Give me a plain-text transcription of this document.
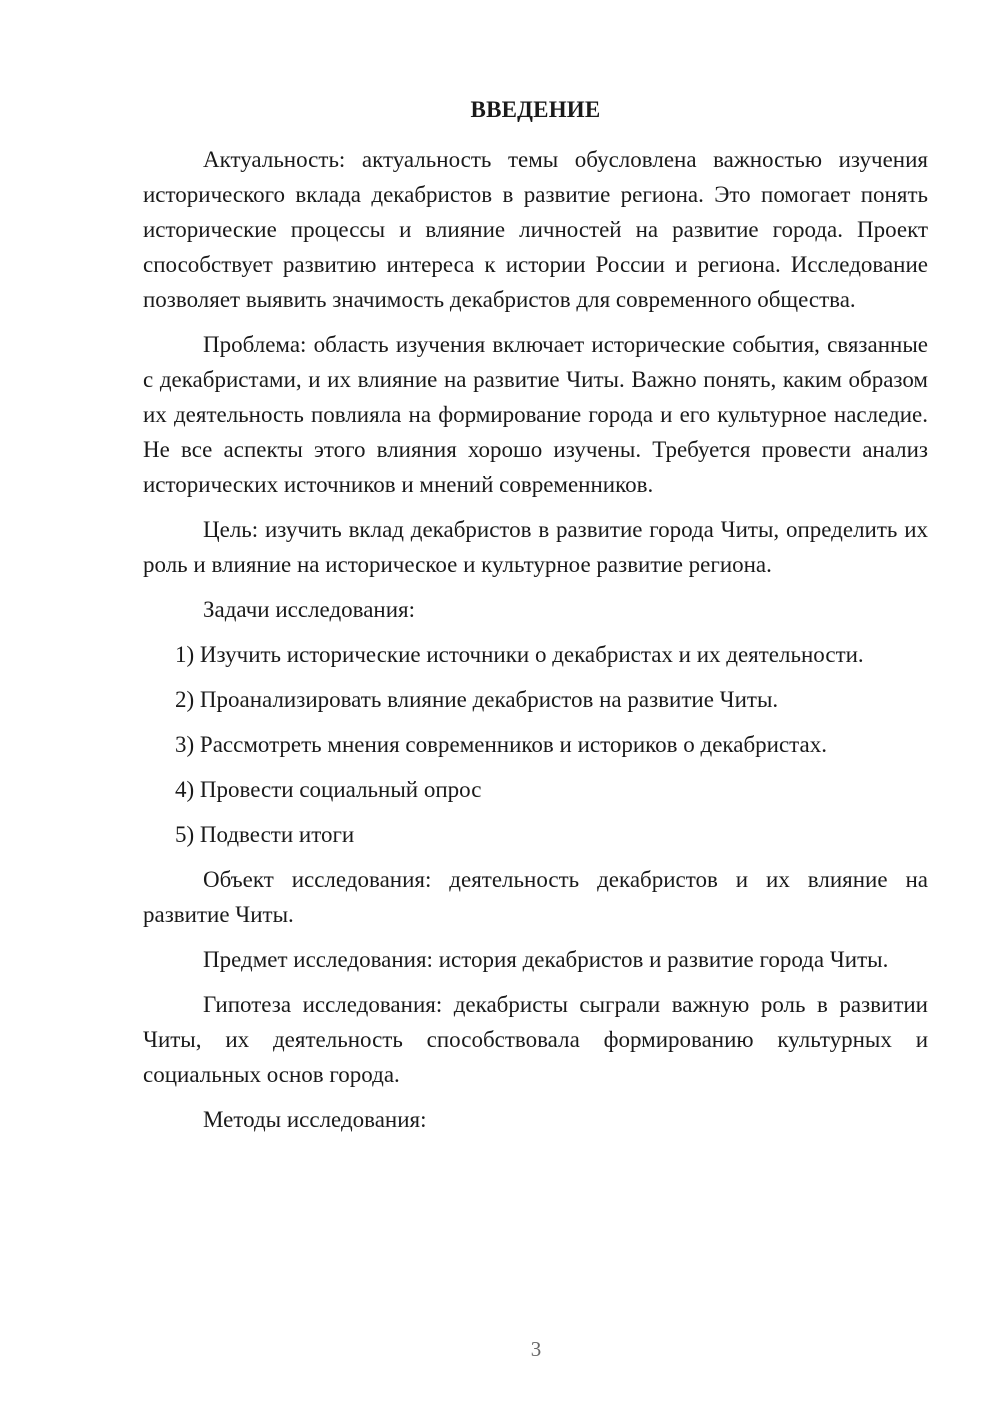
ВВЕДЕНИЕ

Актуальность: актуальность темы обусловлена важностью изучения исторического вклада декабристов в развитие региона. Это помогает понять исторические процессы и влияние личностей на развитие города. Проект способствует развитию интереса к истории России и региона. Исследование позволяет выявить значимость декабристов для современного общества.

Проблема: область изучения включает исторические события, связанные с декабристами, и их влияние на развитие Читы. Важно понять, каким образом их деятельность повлияла на формирование города и его культурное наследие. Не все аспекты этого влияния хорошо изучены. Требуется провести анализ исторических источников и мнений современников.

Цель: изучить вклад декабристов в развитие города Читы, определить их роль и влияние на историческое и культурное развитие региона.

Задачи исследования:

1) Изучить исторические источники о декабристах и их деятельности.
2) Проанализировать влияние декабристов на развитие Читы.
3) Рассмотреть мнения современников и историков о декабристах.
4) Провести социальный опрос
5) Подвести итоги

Объект исследования: деятельность декабристов и их влияние на развитие Читы.

Предмет исследования: история декабристов и развитие города Читы.

Гипотеза исследования: декабристы сыграли важную роль в развитии Читы, их деятельность способствовала формированию культурных и социальных основ города.

Методы исследования:

3
